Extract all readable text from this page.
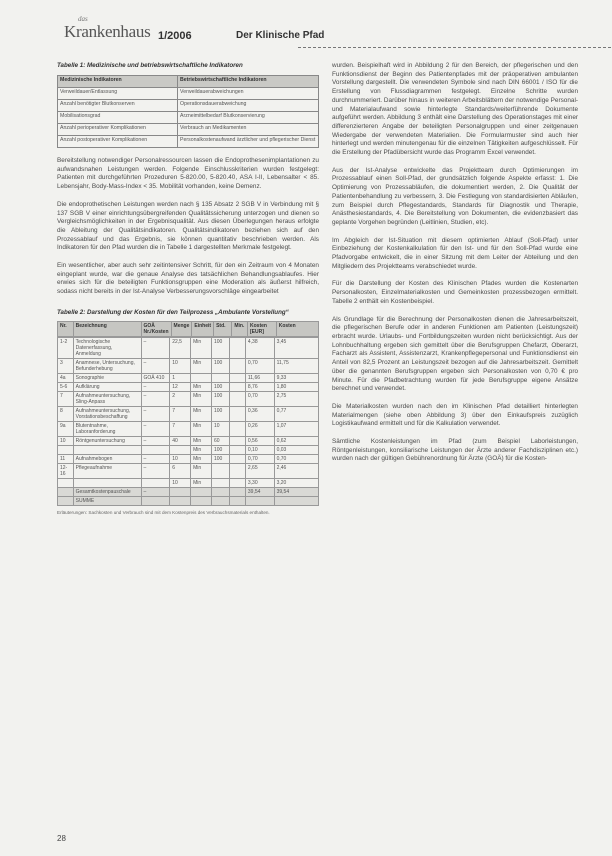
das
Krankenhaus 1/2006	Der Klinische Pfad
Tabelle 1: Medizinische und betriebswirtschaftliche Indikatoren
Medizinische Indikatoren	Betriebswirtschaftliche Indikatoren
Verweildauer/Entlassung	Verweildauerabweichungen
Anzahl benötigter Blutkonserven	Operationsdauerabweichung
Mobilisationsgrad	Arzneimittelbedarf Blutkonservierung
Anzahl perioperativer Komplikationen	Verbrauch an Medikamenten
Anzahl postoperativer Komplikationen	Personalkostenaufwand ärztlicher und pflegerischer Dienst

Bereitstellung notwendiger Personalressourcen lassen die Endoprothesenimplantationen zu aufwandsnahen Leistungen werden. Folgende Einschlusskriterien wurden festgelegt: Patienten mit durchgeführten Prozeduren 5-820.00, 5-820.40, ASA I-II, Lebensalter < 85. Lebensjahr, Body-Mass-Index < 35. Mobilität vorhanden, keine Demenz.

Die endoprothetischen Leistungen werden nach § 135 Absatz 2 SGB V in Verbindung mit § 137 SGB V einer einrichtungsübergreifenden Qualitätssicherung unterzogen und dienen so Vergleichsmöglichkeiten in der Ergebnisqualität. Aus diesen Überlegungen heraus erfolgte die Ableitung der Qualitätsindikatoren. Qualitätsindikatoren beziehen sich auf den Prozessablauf und das Ergebnis, sie können quantitativ beschrieben werden. Als Indikatoren für den Pfad wurden die in Tabelle 1 dargestellten Merkmale festgelegt.

Ein wesentlicher, aber auch sehr zeitintensiver Schritt, für den ein Zeitraum von 4 Monaten eingeplant wurde, war die genaue Analyse des tatsächlichen Behandlungsablaufes. Hier erwies sich für die beteiligten Funktionsgruppen eine Moderation als äußerst hilfreich, sodass nicht bereits in der Ist-Analyse Verbesserungsvorschläge eingearbeitet

Tabelle 2: Darstellung der Kosten für den Teilprozess „Ambulante Vorstellung“
Nr.	Bezeichnung	GOÄ Nr./Kosten	Menge	Einheit	Std.	Min.	Kosten [EUR]	Kosten
1-2	Technologische Datenerfassung, Anmeldung	–	22,5	Min	100		4,38	3,45
3	Anamnese, Untersuchung, Befunderhebung	–	10	Min	100		0,70	11,75
4a	Sonographie	GOÄ 410	1				11,66	9,33
5-6	Aufklärung	–	12	Min	100		8,76	1,80
7	Aufnahmeuntersuchung, Sling-Anpass	–	2	Min	100		0,70	2,75
8	Aufnahmeuntersuchung, Vorstationsbeschaffung	–	7	Min	100		0,36	0,77
9a	Blutentnahme, Laboranforderung	–	7	Min	10		0,26	1,07
10	Röntgenuntersuchung	–	40	Min	60		0,56	0,62
				Min	100		0,10	0,03
11	Aufnahmebogen	–	10	Min	100		0,70	0,70
12-16	Pflegeaufnahme	–	6	Min			2,65	2,46
			10	Min			3,30	3,20
	Gesamtkostenpauschale	–					39,54	39,54
	SUMME							
Erläuterungen: Sachkosten und Verbrauch sind mit dem Kostenpreis des Verbrauchsmaterials enthalten.

wurden. Beispielhaft wird in Abbildung 2 für den Bereich, der pflegerischen und den Funktionsdienst der Beginn des Patientenpfades mit der präoperativen ambulanten Vorstellung dargestellt. Die verwendeten Symbole sind nach DIN 66001 / ISO für die Erstellung von Flussdiagrammen festgelegt. Einzelne Schritte wurden durchnummeriert. Darüber hinaus in weiteren Arbeitsblättern der notwendige Personal- und Materialaufwand sowie hinterlegte Standards/weiterführende Dokumente aufgeführt werden. Abbildung 3 enthält eine Darstellung des Operationstages mit einer differenzierteren Angabe der beteiligten Personalgruppen und einer zeitgenauen Wiedergabe der verwendeten Materialien. Die Formularmuster sind auch hier hinterlegt und werden minutengenau für die einzelnen Tätigkeiten aufgeschlüsselt. Für die Erstellung der Pfadübersicht wurde das Programm Excel verwendet.

Aus der Ist-Analyse entwickelte das Projektteam durch Optimierungen im Prozessablauf einen Soll-Pfad, der grundsätzlich folgende Aspekte erfasst: 1. Die Optimierung von Prozessabläufen, die dokumentiert werden, 2. Die Qualität der Patientenbehandlung zu verbessern, 3. Die Festlegung von standardisierten Abläufen, zum Beispiel durch Pflegestandards, Standards für Diagnostik und Therapie, Anästhesiestandards, 4. Die Bereitstellung von Dokumenten, die evidenzbasiert das geplante Vorgehen begründen (Leitlinien, Studien, etc).

Im Abgleich der Ist-Situation mit diesem optimierten Ablauf (Soll-Pfad) unter Einbeziehung der Kostenkalkulation für den Ist- und für den Soll-Pfad wurde eine Pfadvorgabe entwickelt, die in einer Sitzung mit dem Leiter der Abteilung und den Mitgliedern des Projektteams verabschiedet wurde.

Für die Darstellung der Kosten des Klinischen Pfades wurden die Kostenarten Personalkosten, Einzelmaterialkosten und Gemeinkosten prozessbezogen ermittelt. Tabelle 2 enthält ein Kostenbeispiel.

Als Grundlage für die Berechnung der Personalkosten dienen die Jahresarbeitszeit, die pflegerischen Berufe oder in anderen Funktionen am Patienten (Leistungszeit) erbracht wurde. Urlaubs- und Fortbildungszeiten wurden nicht berücksichtigt. Aus der Lohnbuchhaltung ergeben sich gemittelt über die Berufsgruppen Chefarzt, Oberarzt, Facharzt als Assistent, Assistenzarzt, Krankenpflegepersonal und Funktionsdienst ein Anteil von 82,5 Prozent an Leistungszeit bezogen auf die Jahresarbeitszeit. Gemittelt über die genannten Berufsgruppen ergeben sich Personalkosten von 0,70 € pro Minute. Für die Pfadbetrachtung wurden für jede Berufsgruppe eigene Ansätze berechnet und verwendet.

Die Materialkosten wurden nach den im Klinischen Pfad detailliert hinterlegten Materialmengen (siehe oben Abbildung 3) über den Einkaufspreis zuzüglich Logistikaufwand ermittelt und für die Kalkulation verwendet.

Sämtliche Kostenleistungen im Pfad (zum Beispiel Laborleistungen, Röntgenleistungen, konsiliarische Leistungen der Ärzte anderer Fachdisziplinen etc.) wurden nach der gültigen Gebührenordnung für Ärzte (GOÄ) für die Kosten-

28
